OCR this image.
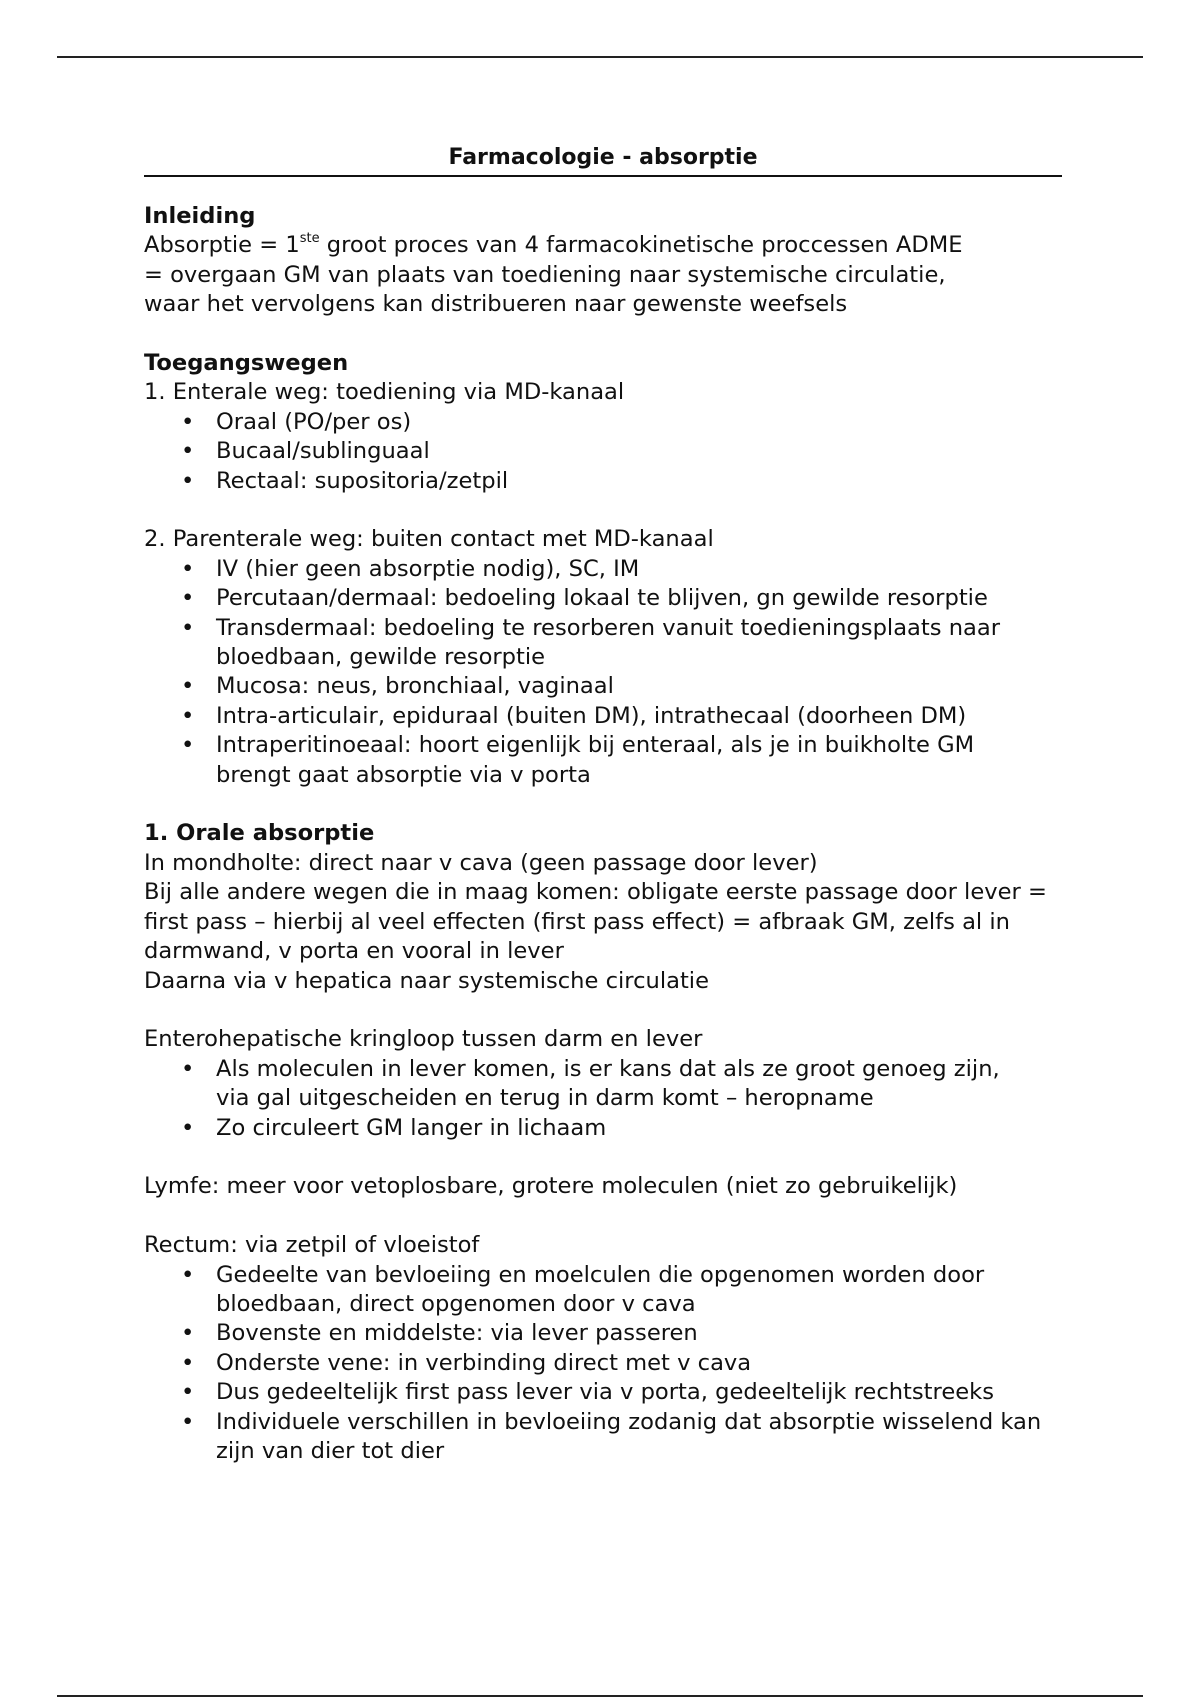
Farmacologie - absorptie

Inleiding

Absorptie = 1ste groot proces van 4 farmacokinetische proccessen ADME

= overgaan GM van plaats van toediening naar systemische circulatie,

waar het vervolgens kan distribueren naar gewenste weefsels

Toegangswegen

1. Enterale weg: toediening via MD-kanaal

• Oraal (PO/per os)
• Bucaal/sublinguaal
• Rectaal: supositoria/zetpil

2. Parenterale weg: buiten contact met MD-kanaal

• IV (hier geen absorptie nodig), SC, IM
• Percutaan/dermaal: bedoeling lokaal te blijven, gn gewilde resorptie
• Transdermaal: bedoeling te resorberen vanuit toedieningsplaats naar bloedbaan, gewilde resorptie
• Mucosa: neus, bronchiaal, vaginaal
• Intra-articulair, epiduraal (buiten DM), intrathecaal (doorheen DM)
• Intraperitinoeaal: hoort eigenlijk bij enteraal, als je in buikholte GM brengt gaat absorptie via v porta

1. Orale absorptie

In mondholte: direct naar v cava (geen passage door lever)

Bij alle andere wegen die in maag komen: obligate eerste passage door lever = first pass – hierbij al veel effecten (first pass effect) = afbraak GM, zelfs al in darmwand, v porta en vooral in lever

Daarna via v hepatica naar systemische circulatie

Enterohepatische kringloop tussen darm en lever

• Als moleculen in lever komen, is er kans dat als ze groot genoeg zijn, via gal uitgescheiden en terug in darm komt – heropname
• Zo circuleert GM langer in lichaam

Lymfe: meer voor vetoplosbare, grotere moleculen (niet zo gebruikelijk)

Rectum: via zetpil of vloeistof

• Gedeelte van bevloeiing en moelculen die opgenomen worden door bloedbaan, direct opgenomen door v cava
• Bovenste en middelste: via lever passeren
• Onderste vene: in verbinding direct met v cava
• Dus gedeeltelijk first pass lever via v porta, gedeeltelijk rechtstreeks
• Individuele verschillen in bevloeiing zodanig dat absorptie wisselend kan zijn van dier tot dier
